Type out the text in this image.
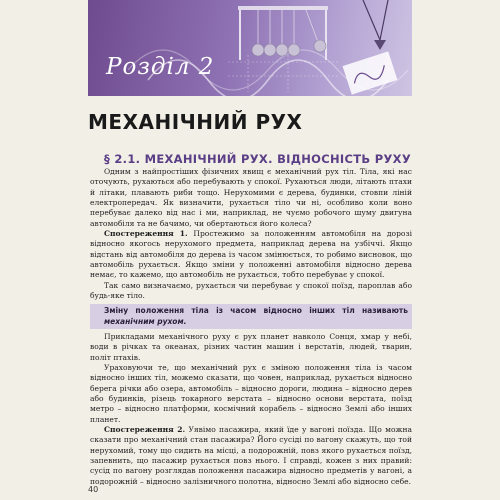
Розділ 2
МЕХАНІЧНИЙ РУХ
§ 2.1. МЕХАНІЧНИЙ РУХ. ВІДНОСНІСТЬ РУХУ

Одним з найпростіших фізичних явищ є механічний рух тіл. Тіла, які нас оточують, рухаються або перебувають у спокої. Рухаються люди, літають птахи й літаки, плавають риби тощо. Нерухомими є дерева, будинки, стовпи ліній електропередач. Як визначити, рухається тіло чи ні, особливо коли воно перебуває далеко від нас і ми, наприклад, не чуємо робочого шуму двигуна автомобіля та не бачимо, чи обертаються його колеса?

Спостереження 1. Простежимо за положенням автомобіля на дорозі відносно якогось нерухомого предмета, наприклад дерева на узбіччі. Якщо відстань від автомобіля до дерева із часом змінюється, то робимо висновок, що автомобіль рухається. Якщо зміни у положенні автомобіля відносно дерева немає, то кажемо, що автомобіль не рухається, тобто перебуває у спокої.

Так само визначаємо, рухається чи перебуває у спокої поїзд, пароплав або будь-яке тіло.

Зміну положення тіла із часом відносно інших тіл називають механічним рухом.

Прикладами механічного руху є рух планет навколо Сонця, хмар у небі, води в річках та океанах, різних частин машин і верстатів, людей, тварин, політ птахів.

Ураховуючи те, що механічний рух є зміною положення тіла із часом відносно інших тіл, можемо сказати, що човен, наприклад, рухається відносно берега річки або озера, автомобіль – відносно дороги, людина – відносно дерев або будинків, різець токарного верстата – відносно основи верстата, поїзд метро – відносно платформи, космічний корабель – відносно Землі або інших планет.

Спостереження 2. Уявімо пасажира, який їде у вагоні поїзда. Що можна сказати про механічний стан пасажира? Його сусіді по вагону скажуть, що той нерухомий, тому що сидить на місці, а подорожній, повз якого рухається поїзд, запевнить, що пасажир рухається повз нього. І справді, кожен з них правий: сусід по вагону розглядав положення пасажира відносно предметів у вагоні, а подорожній – відносно залізничного полотна, відносно Землі або відносно себе.

40
